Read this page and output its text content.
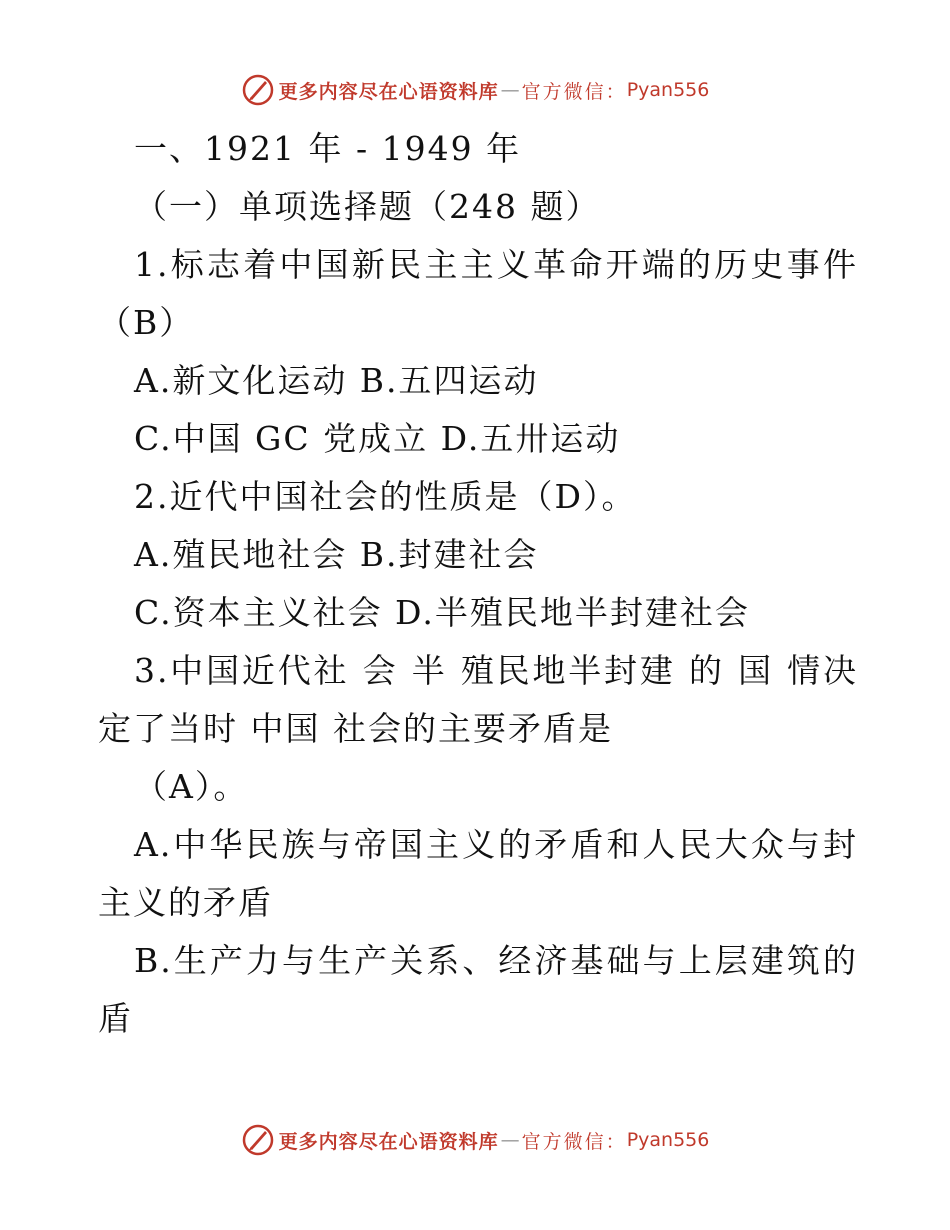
更多内容尽在心语资料库 — 官方微信： Pyan556
一、1921 年 - 1949 年
（一）单项选择题（248 题）
1.标志着中国新民主主义革命开端的历史事件
（B）
A.新文化运动 B.五四运动
C.中国 GC 党成立 D.五卅运动
2.近代中国社会的性质是（D）。
A.殖民地社会 B.封建社会
C.资本主义社会 D.半殖民地半封建社会
3.中国近代社 会 半 殖民地半封建 的 国 情决
定了当时 中国 社会的主要矛盾是
（A）。
A.中华民族与帝国主义的矛盾和人民大众与封
主义的矛盾
B.生产力与生产关系、经济基础与上层建筑的
盾
更多内容尽在心语资料库 — 官方微信： Pyan556
